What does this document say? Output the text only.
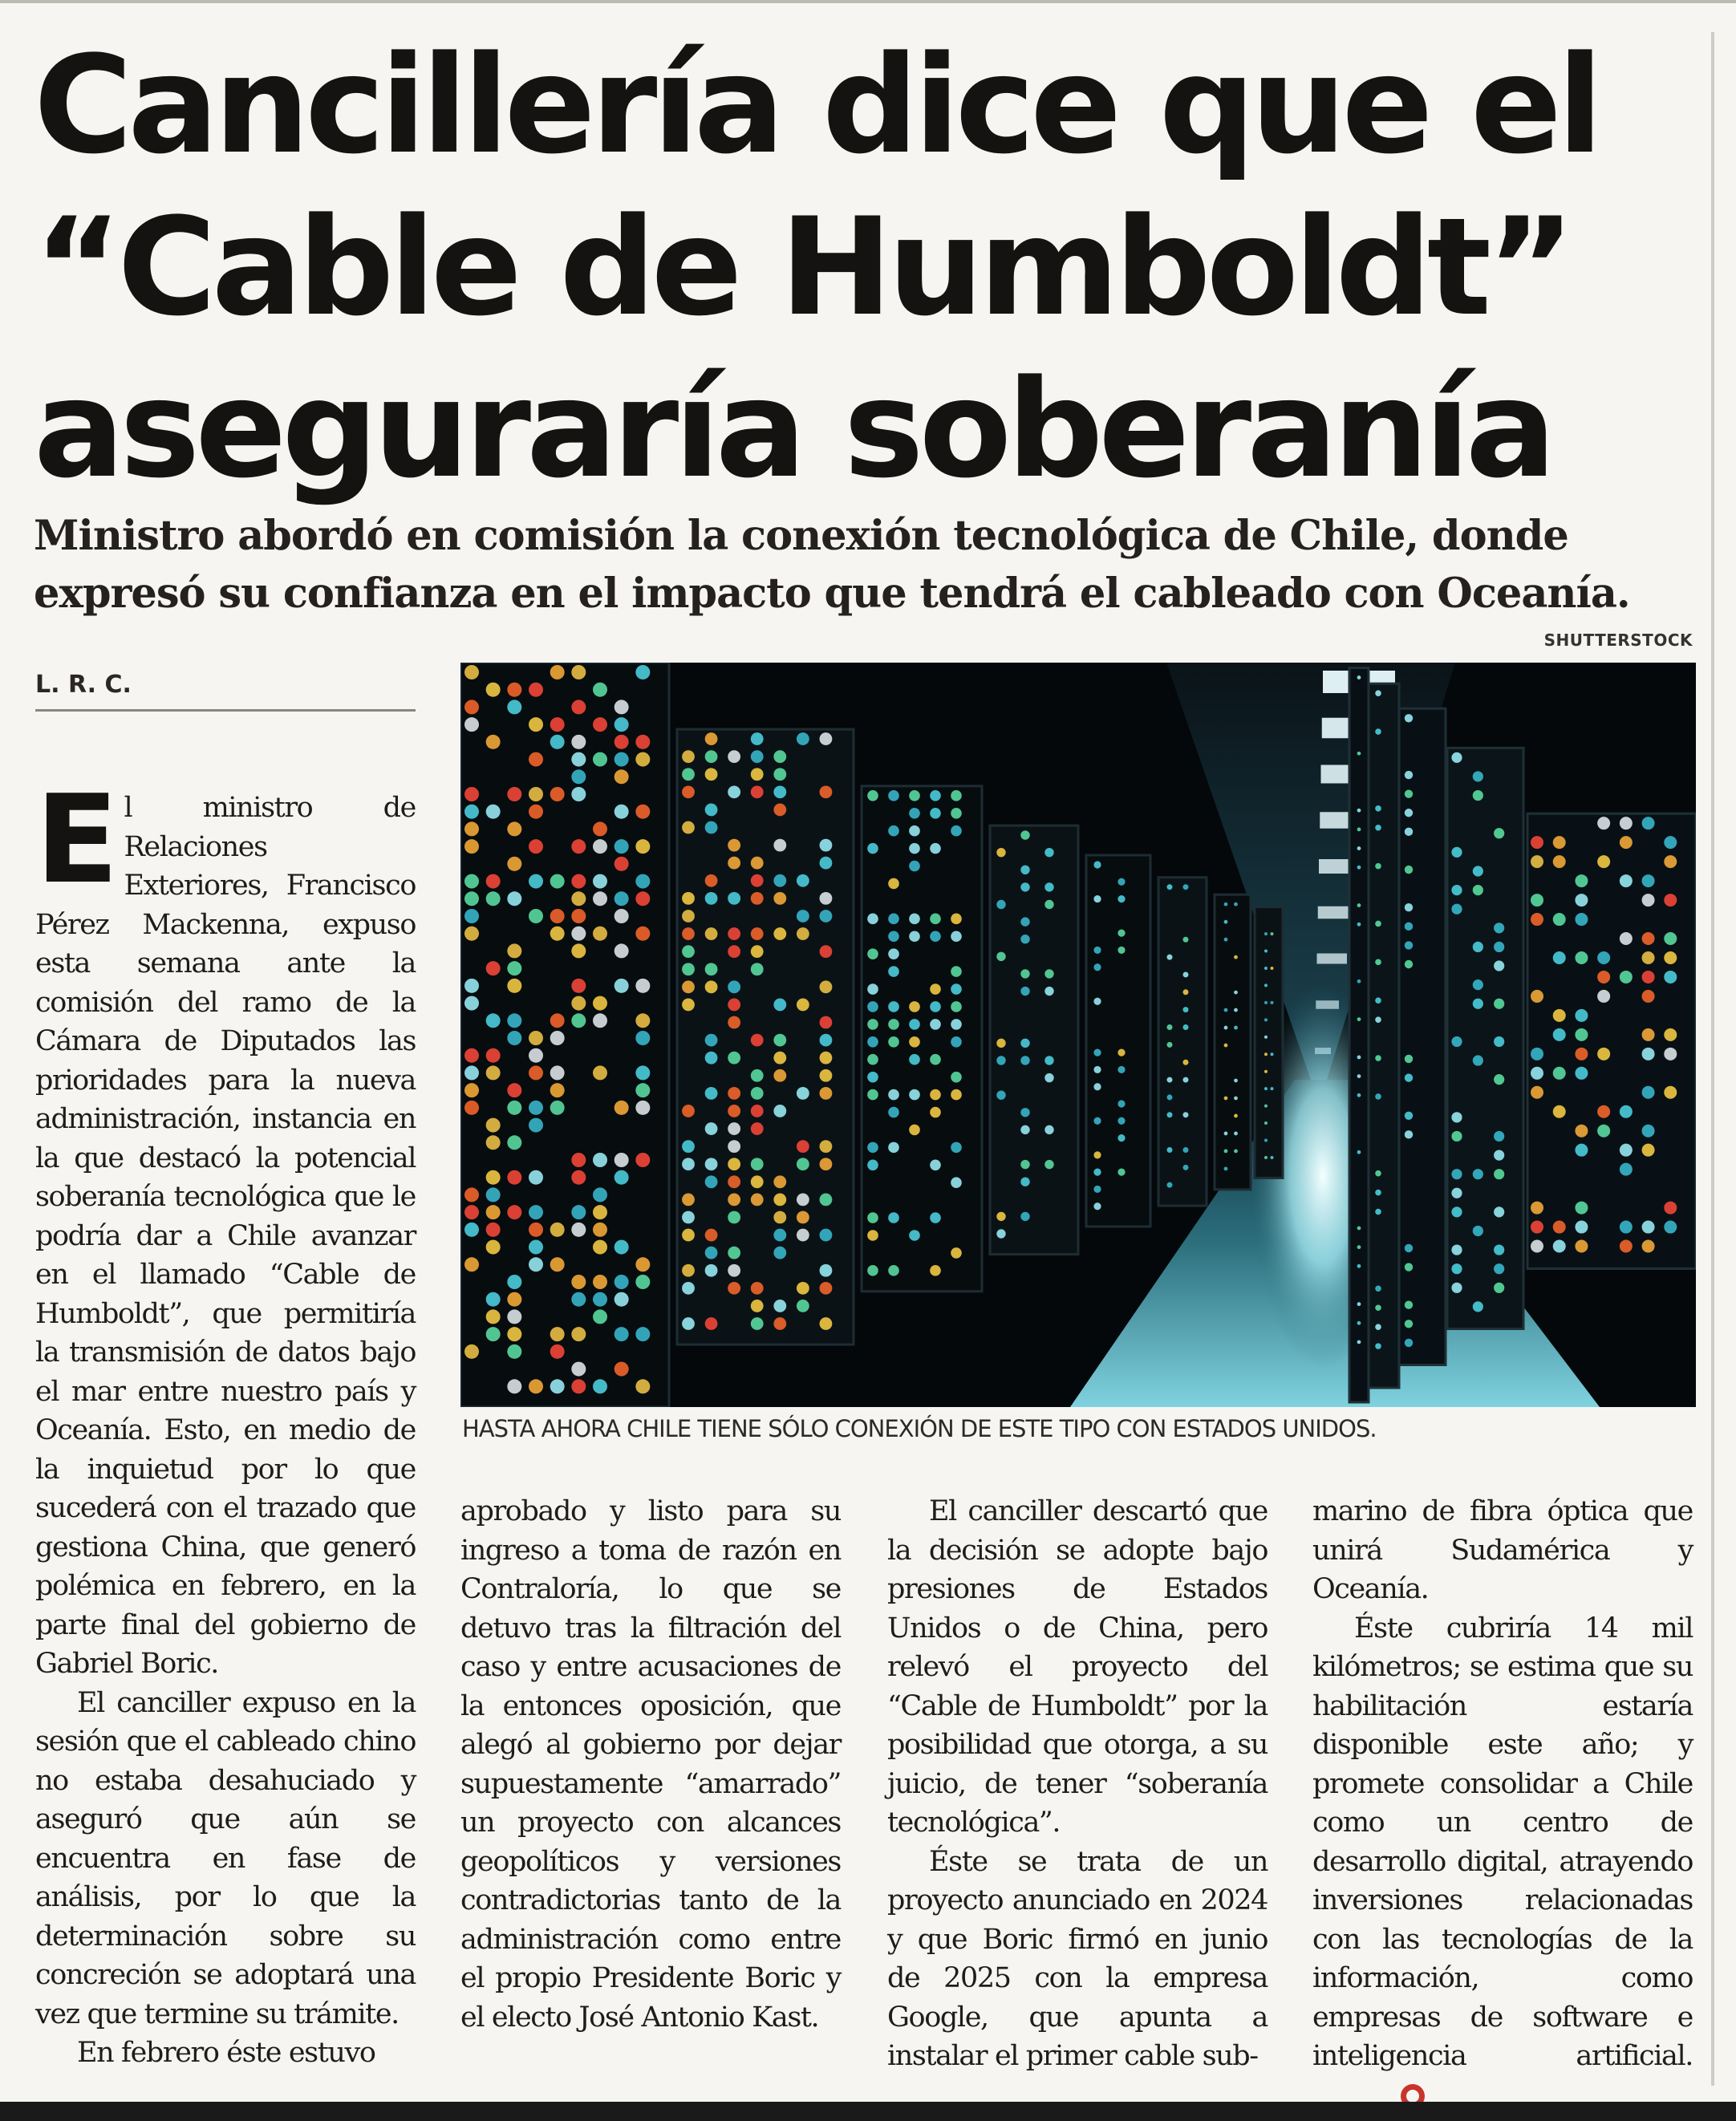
Cancillería dice que el “Cable de Humboldt” aseguraría soberanía
Ministro abordó en comisión la conexión tecnológica de Chile, donde expresó su confianza en el impacto que tendrá el cableado con Oceanía.
SHUTTERSTOCK
L. R. C.
HASTA AHORA CHILE TIENE SÓLO CONEXIÓN DE ESTE TIPO CON ESTADOS UNIDOS.

El ministro de Relaciones Exteriores, Francisco Pérez Mackenna, expuso esta semana ante la comisión del ramo de la Cámara de Diputados las prioridades para la nueva administración, instancia en la que destacó la potencial soberanía tecnológica que le podría dar a Chile avanzar en el llamado “Cable de Humboldt”, que permitiría la transmisión de datos bajo el mar entre nuestro país y Oceanía. Esto, en medio de la inquietud por lo que sucederá con el trazado que gestiona China, que generó polémica en febrero, en la parte final del gobierno de Gabriel Boric.

El canciller expuso en la sesión que el cableado chino no estaba desahuciado y aseguró que aún se encuentra en fase de análisis, por lo que la determinación sobre su concreción se adoptará una vez que termine su trámite.

En febrero éste estuvo

aprobado y listo para su ingreso a toma de razón en Contraloría, lo que se detuvo tras la filtración del caso y entre acusaciones de la entonces oposición, que alegó al gobierno por dejar supuestamente “amarrado” un proyecto con alcances geopolíticos y versiones contradictorias tanto de la administración como entre el propio Presidente Boric y el electo José Antonio Kast.

El canciller descartó que la decisión se adopte bajo presiones de Estados Unidos o de China, pero relevó el proyecto del “Cable de Humboldt” por la posibilidad que otorga, a su juicio, de tener “soberanía tecnológica”.

Éste se trata de un proyecto anunciado en 2024 y que Boric firmó en junio de 2025 con la empresa Google, que apunta a instalar el primer cable sub-

marino de fibra óptica que unirá Sudamérica y Oceanía.

Éste cubriría 14 mil kilómetros; se estima que su habilitación estaría disponible este año; y promete consolidar a Chile como un centro de desarrollo digital, atrayendo inversiones relacionadas con las tecnologías de la información, como empresas de software e inteligencia artificial.
